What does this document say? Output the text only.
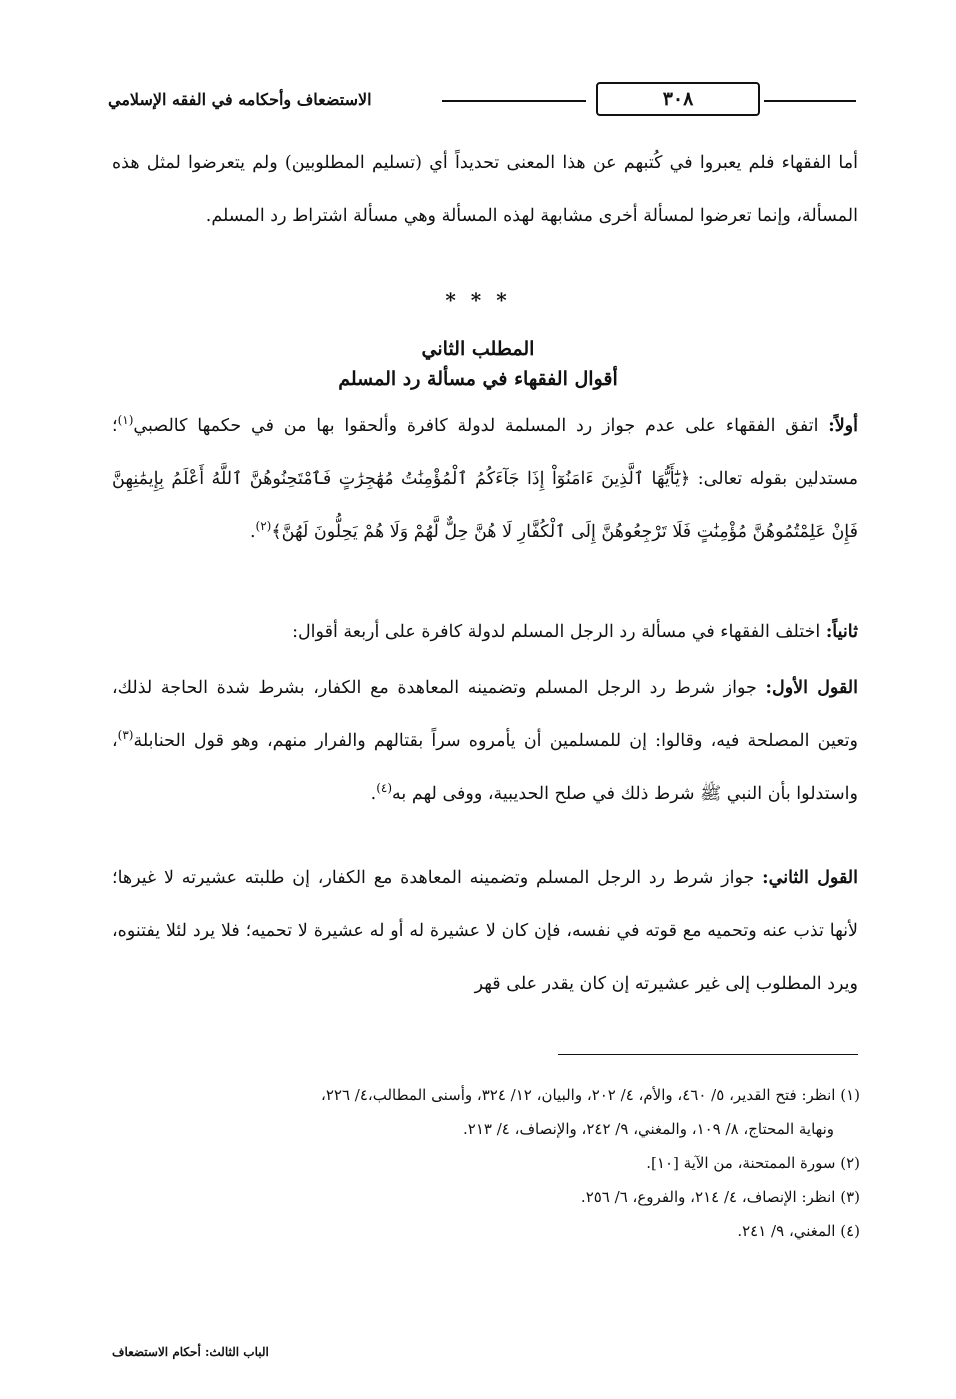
الاستضعاف وأحكامه في الفقه الإسلامي	٣٠٨
أما الفقهاء فلم يعبروا في كُتبهم عن هذا المعنى تحديداً أي (تسليم المطلوبين) ولم يتعرضوا لمثل هذه المسألة، وإنما تعرضوا لمسألة أخرى مشابهة لهذه المسألة وهي مسألة اشتراط رد المسلم.
* * *
المطلب الثاني
أقوال الفقهاء في مسألة رد المسلم
أولاً: اتفق الفقهاء على عدم جواز رد المسلمة لدولة كافرة وألحقوا بها من في حكمها كالصبي$^{(١)}$؛ مستدلين بقوله تعالى: ﴿يَٰٓأَيُّهَا ٱلَّذِينَ ءَامَنُوٓاْ إِذَا جَآءَكُمُ ٱلْمُؤْمِنَٰتُ مُهَٰجِرَٰتٍ فَٱمْتَحِنُوهُنَّ ٱللَّهُ أَعْلَمُ بِإِيمَٰنِهِنَّ فَإِنْ عَلِمْتُمُوهُنَّ مُؤْمِنَٰتٍ فَلَا تَرْجِعُوهُنَّ إِلَى ٱلْكُفَّارِ لَا هُنَّ حِلٌّ لَّهُمْ وَلَا هُمْ يَحِلُّونَ لَهُنَّ﴾$^{(٢)}$.
ثانياً: اختلف الفقهاء في مسألة رد الرجل المسلم لدولة كافرة على أربعة أقوال:
القول الأول: جواز شرط رد الرجل المسلم وتضمينه المعاهدة مع الكفار، بشرط شدة الحاجة لذلك، وتعين المصلحة فيه، وقالوا: إن للمسلمين أن يأمروه سراً بقتالهم والفرار منهم، وهو قول الحنابلة$^{(٣)}$، واستدلوا بأن النبي ﷺ شرط ذلك في صلح الحديبية، ووفى لهم به$^{(٤)}$.
القول الثاني: جواز شرط رد الرجل المسلم وتضمينه المعاهدة مع الكفار، إن طلبته عشيرته لا غيرها؛ لأنها تذب عنه وتحميه مع قوته في نفسه، فإن كان لا عشيرة له أو له عشيرة لا تحميه؛ فلا يرد لئلا يفتنوه، ويرد المطلوب إلى غير عشيرته إن كان يقدر على قهر
(١) انظر: فتح القدير، ٥/ ٤٦٠، والأم، ٤/ ٢٠٢، والبيان، ١٢/ ٣٢٤، وأسنى المطالب،٤/ ٢٢٦،
ونهاية المحتاج، ٨/ ١٠٩، والمغني، ٩/ ٢٤٢، والإنصاف، ٤/ ٢١٣.
(٢) سورة الممتحنة، من الآية [١٠].
(٣) انظر: الإنصاف، ٤/ ٢١٤، والفروع، ٦/ ٢٥٦.
(٤) المغني، ٩/ ٢٤١.
الباب الثالث: أحكام الاستضعاف
